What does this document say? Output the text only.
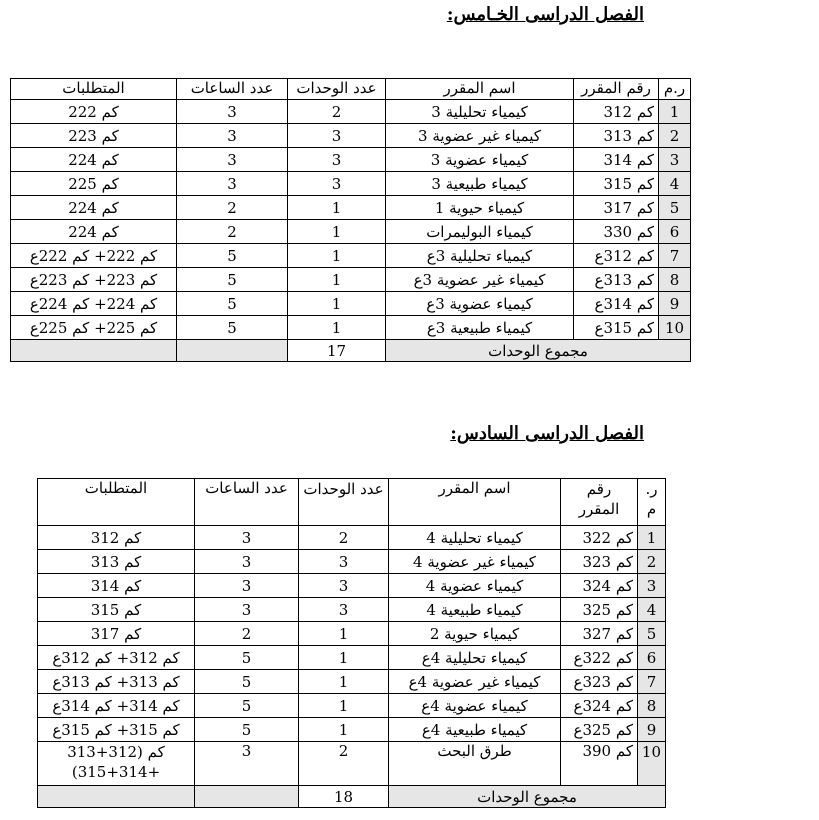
الفصل الدراسى الخـامس:
ر.م	رقم المقرر	اسم المقرر	عدد الوحدات	عدد الساعات	المتطلبات
1	كم 312	كيمياء تحليلية 3	2	3	كم 222
2	كم 313	كيمياء غير عضوية 3	3	3	كم 223
3	كم 314	كيمياء عضوية 3	3	3	كم 224
4	كم 315	كيمياء طبيعية 3	3	3	كم 225
5	كم 317	كيمياء حيوية 1	1	2	كم 224
6	كم 330	كيمياء البوليمرات	1	2	كم 224
7	كم 312ع	كيمياء تحليلية 3ع	1	5	كم 222+ كم 222ع
8	كم 313ع	كيمياء غير عضوية 3ع	1	5	كم 223+ كم 223ع
9	كم 314ع	كيمياء عضوية 3ع	1	5	كم 224+ كم 224ع
10	كم 315ع	كيمياء طبيعية 3ع	1	5	كم 225+ كم 225ع
مجموع الوحدات			17		
الفصل الدراسى السادس:
ر. م	رقم المقرر	اسم المقرر	عدد الوحدات	عدد الساعات	المتطلبات
1	كم 322	كيمياء تحليلية 4	2	3	كم 312
2	كم 323	كيمياء غير عضوية 4	3	3	كم 313
3	كم 324	كيمياء عضوية 4	3	3	كم 314
4	كم 325	كيمياء طبيعية 4	3	3	كم 315
5	كم 327	كيمياء حيوية 2	1	2	كم 317
6	كم 322ع	كيمياء تحليلية 4ع	1	5	كم 312+ كم 312ع
7	كم 323ع	كيمياء غير عضوية 4ع	1	5	كم 313+ كم 313ع
8	كم 324ع	كيمياء عضوية 4ع	1	5	كم 314+ كم 314ع
9	كم 325ع	كيمياء طبيعية 4ع	1	5	كم 315+ كم 315ع
10	كم 390	طرق البحث	2	3	كم (312+313 +314+315)
مجموع الوحدات			18		
